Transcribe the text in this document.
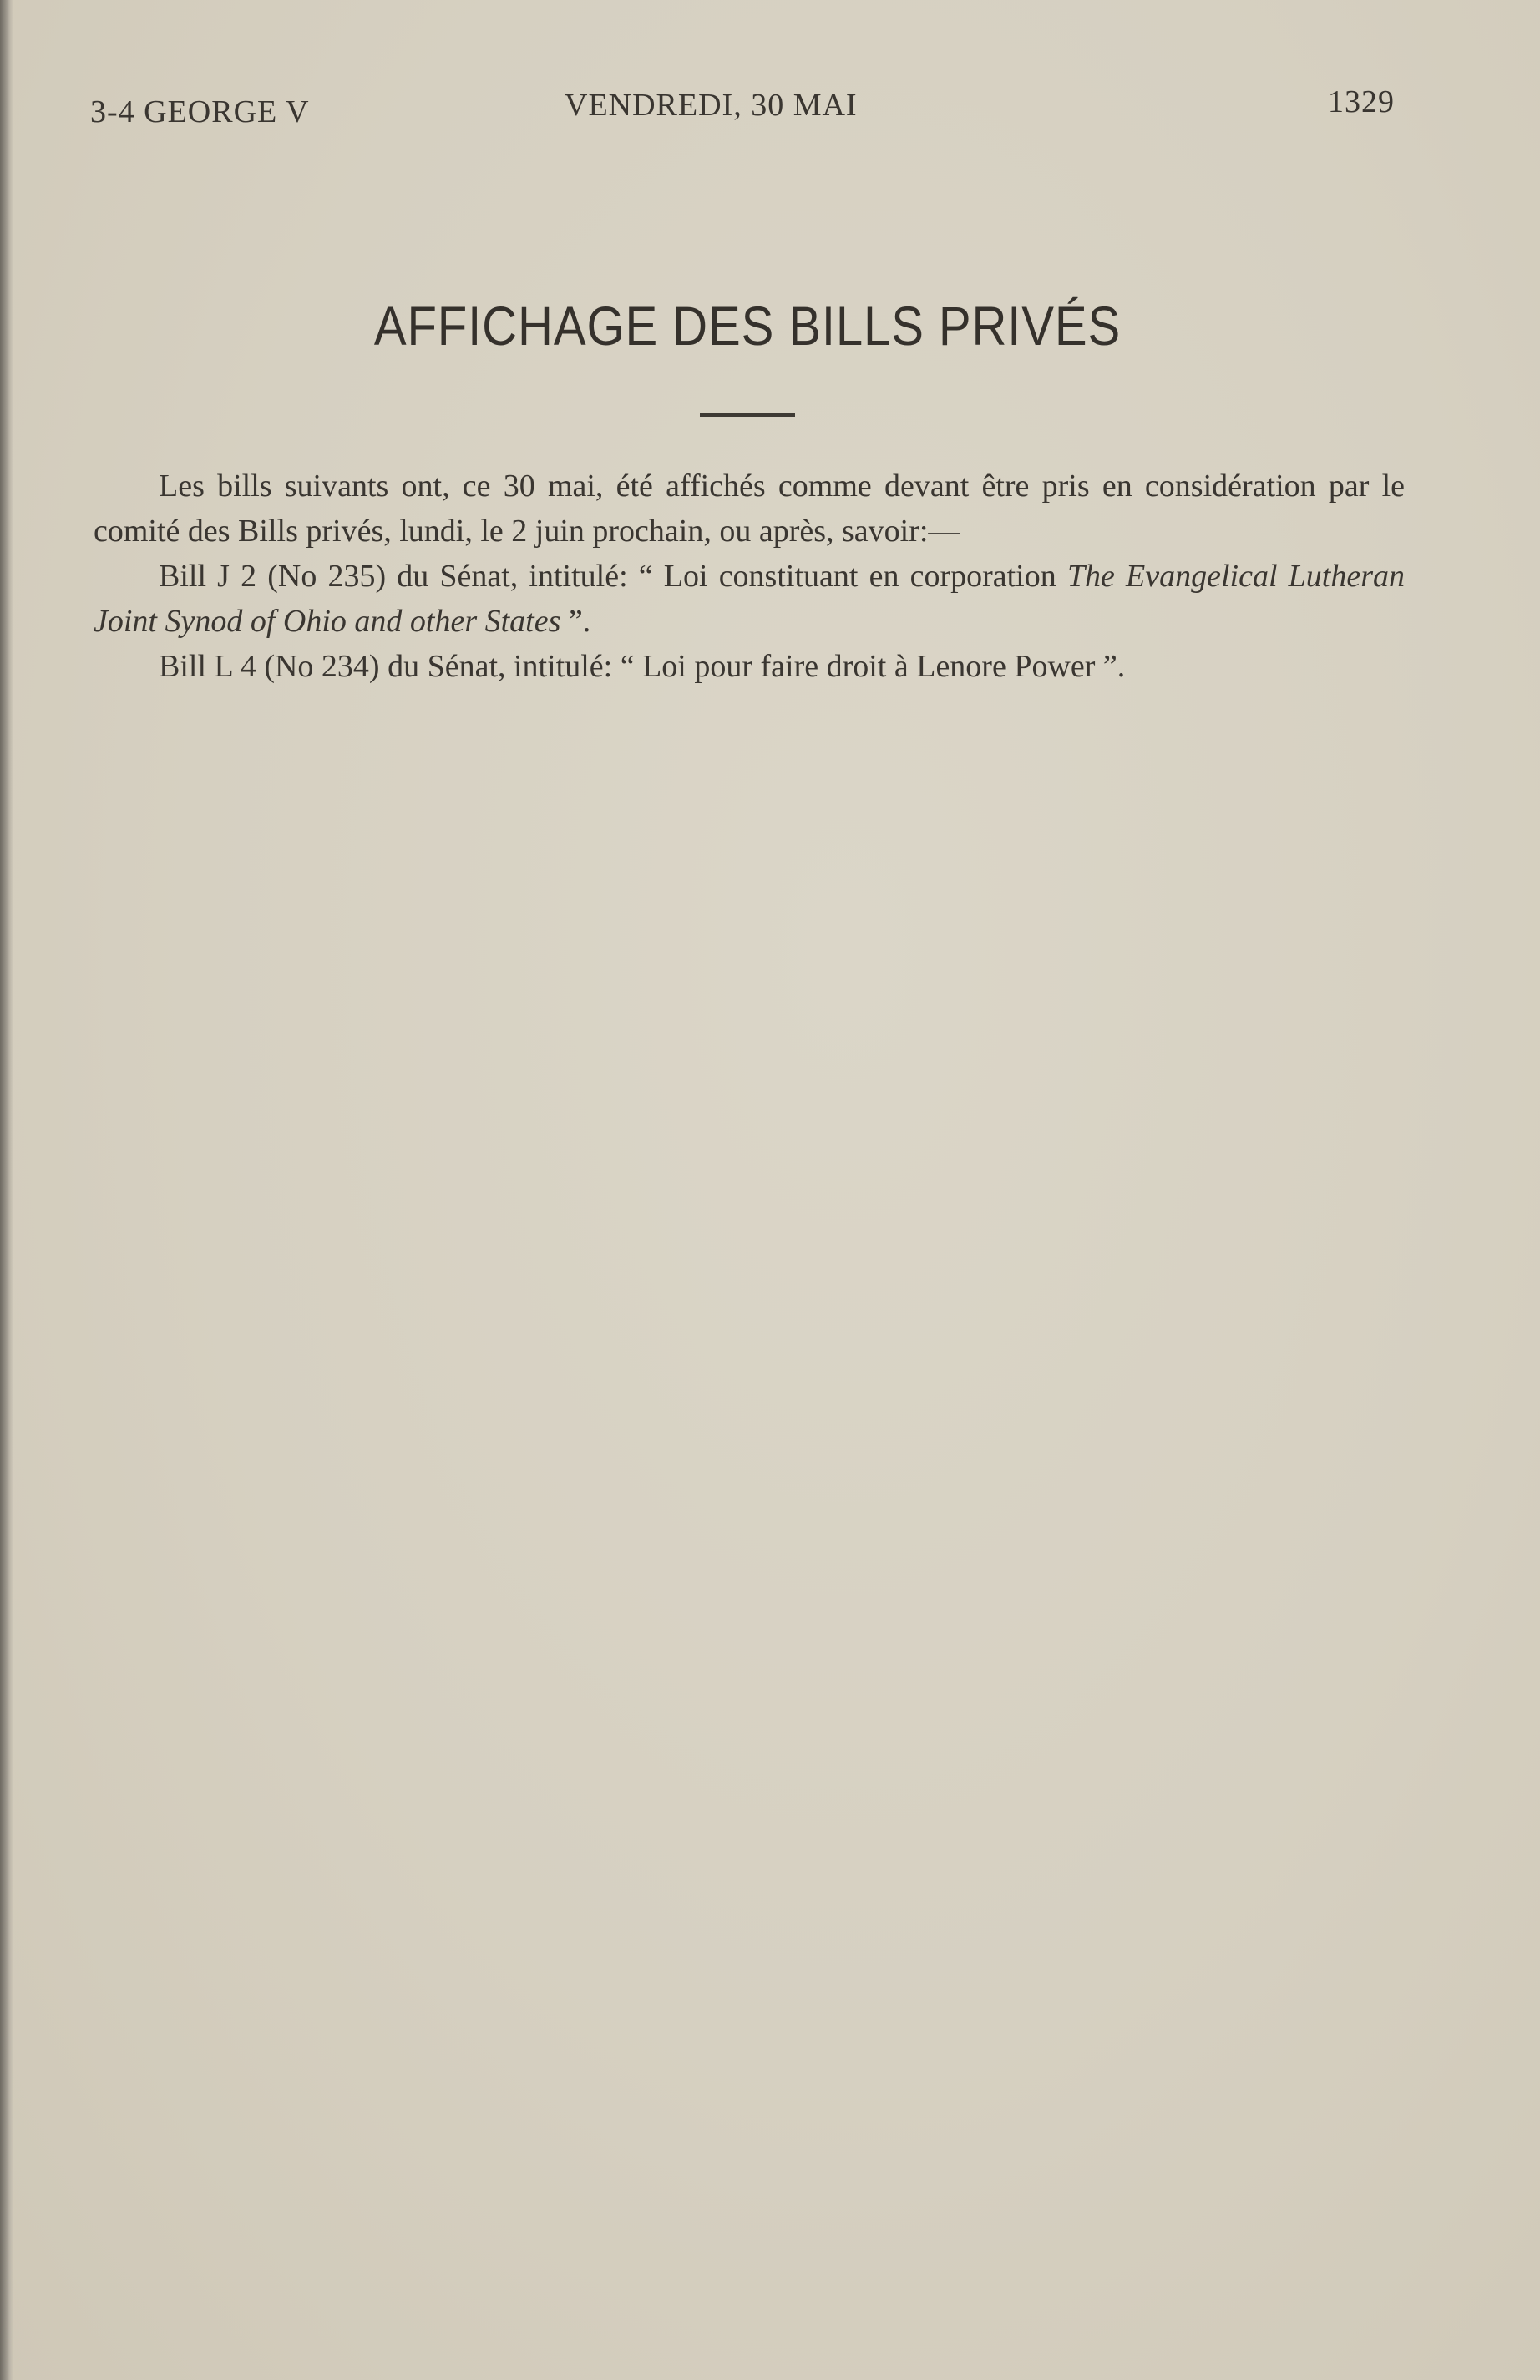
3-4 GEORGE V	VENDREDI, 30 MAI	1329
AFFICHAGE DES BILLS PRIVÉS

Les bills suivants ont, ce 30 mai, été affichés comme devant être pris en considération par le comité des Bills privés, lundi, le 2 juin prochain, ou après, savoir:—

Bill J 2 (No 235) du Sénat, intitulé: “ Loi constituant en corporation The Evangelical Lutheran Joint Synod of Ohio and other States ”.

Bill L 4 (No 234) du Sénat, intitulé: “ Loi pour faire droit à Lenore Power ”.
